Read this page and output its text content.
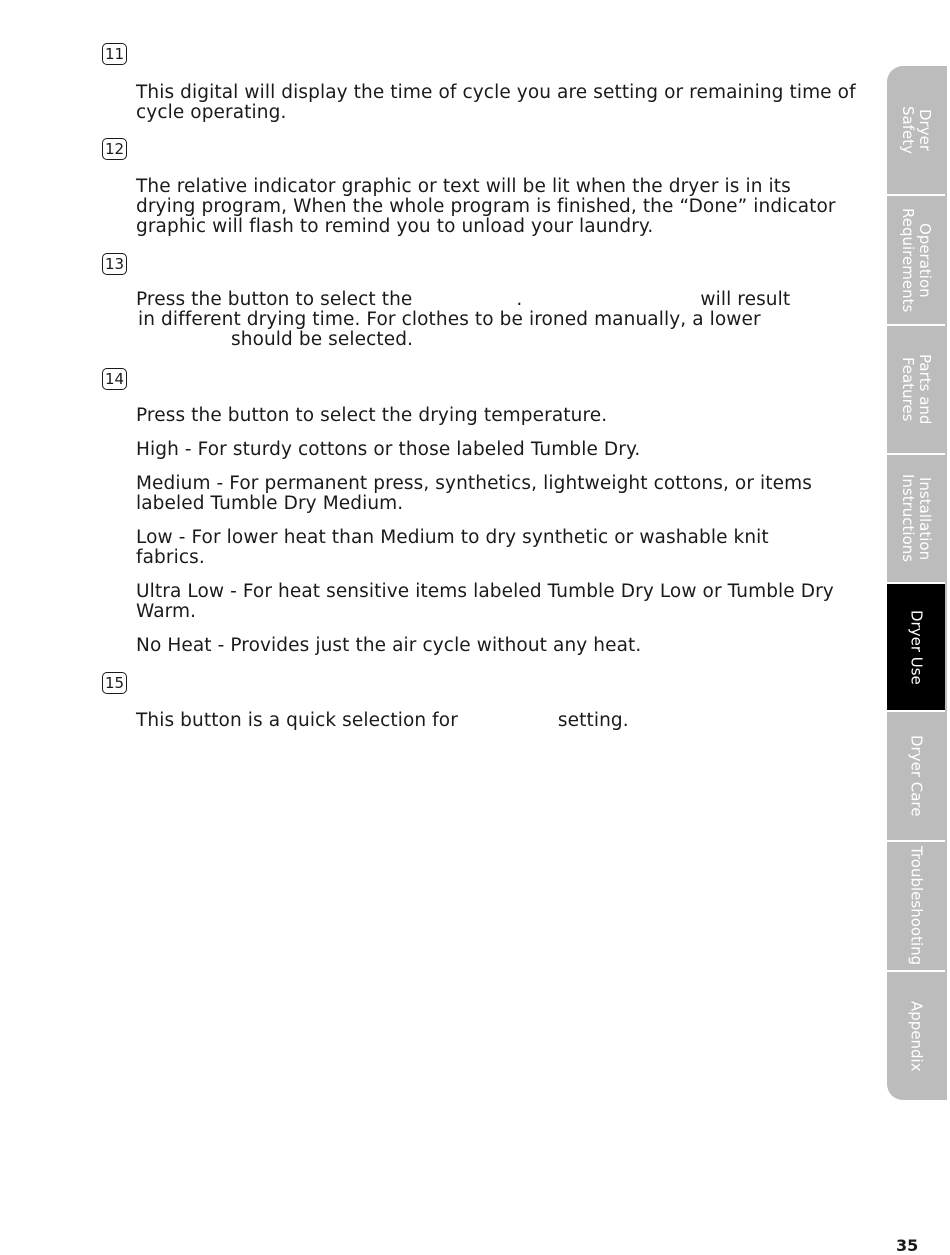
11

This digital will display the time of cycle you are setting or remaining time of cycle operating.

12

The relative indicator graphic or text will be lit when the dryer is in its drying program, When the whole program is finished, the “Done” indicator graphic will flash to remind you to unload your laundry.

13

Press the button to select the	.	will result
in different drying time. For clothes to be ironed manually, a lower
should be selected.

14

Press the button to select the drying temperature.

High - For sturdy cottons or those labeled Tumble Dry.

Medium - For permanent press, synthetics, lightweight cottons, or items labeled Tumble Dry Medium.

Low - For lower heat than Medium to dry synthetic or washable knit fabrics.

Ultra Low - For heat sensitive items labeled Tumble Dry Low or Tumble Dry Warm.

No Heat - Provides just the air cycle without any heat.

15

This button is a quick selection for	setting.

Dryer
Safety
Operation
Requirements
Parts and
Features
Installation
Instructions
Dryer Use
Dryer Care
Troubleshooting
Appendix
35
